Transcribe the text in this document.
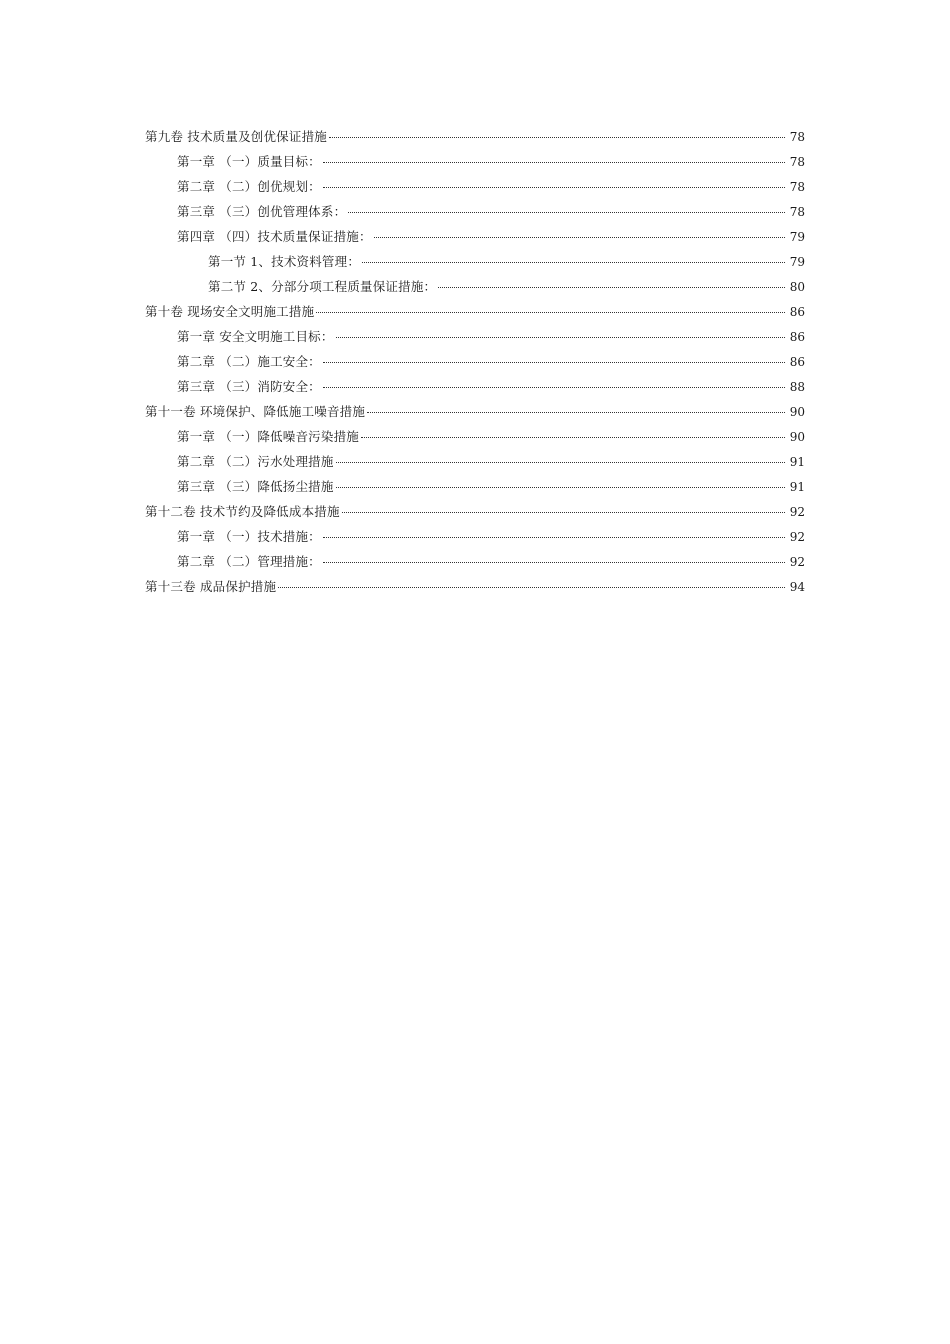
第九卷 技术质量及创优保证措施	78
第一章 （一）质量目标：	78
第二章 （二）创优规划：	78
第三章 （三）创优管理体系：	78
第四章 （四）技术质量保证措施：	79
第一节 1、技术资料管理：	79
第二节 2、分部分项工程质量保证措施：	80
第十卷 现场安全文明施工措施	86
第一章 安全文明施工目标：	86
第二章 （二）施工安全：	86
第三章 （三）消防安全：	88
第十一卷 环境保护、降低施工噪音措施	90
第一章 （一）降低噪音污染措施	90
第二章 （二）污水处理措施	91
第三章 （三）降低扬尘措施	91
第十二卷 技术节约及降低成本措施	92
第一章 （一）技术措施：	92
第二章 （二）管理措施：	92
第十三卷 成品保护措施	94
